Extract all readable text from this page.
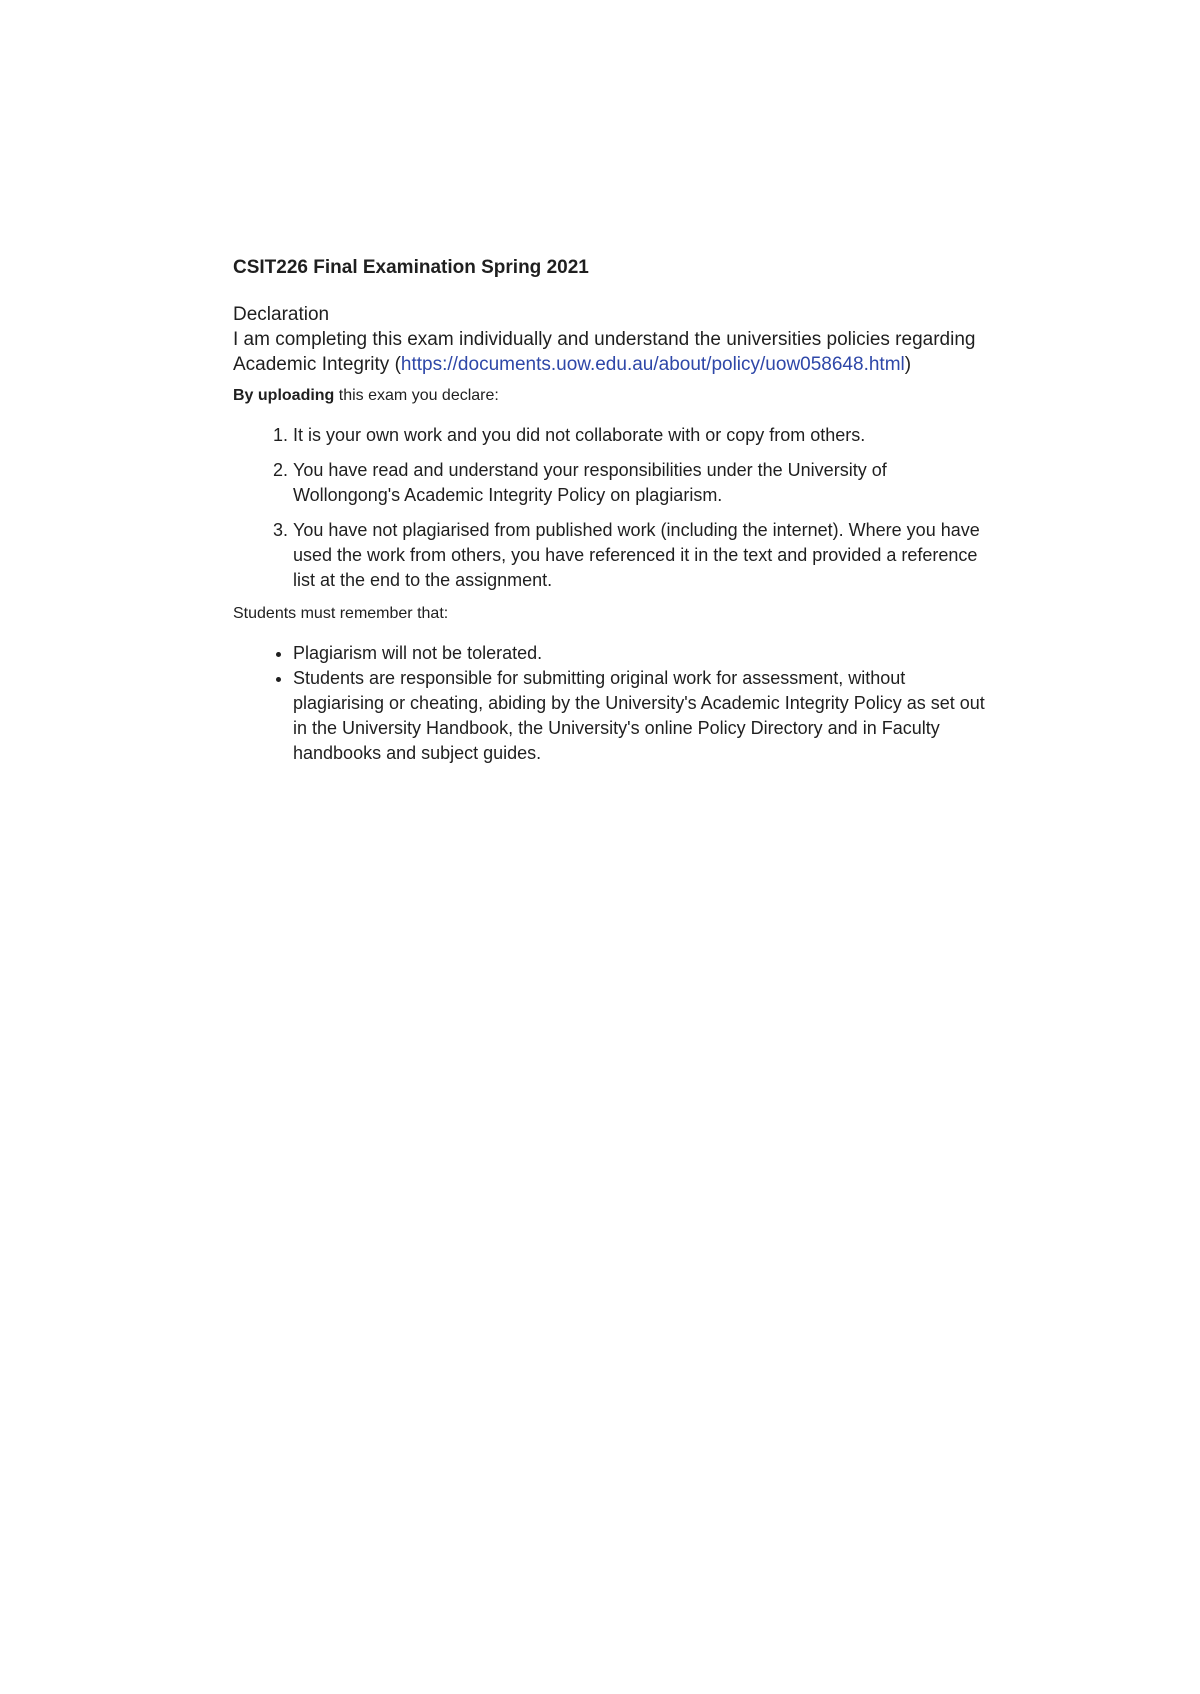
CSIT226 Final Examination Spring 2021

Declaration

I am completing this exam individually and understand the universities policies regarding Academic Integrity (https://documents.uow.edu.au/about/policy/uow058648.html)

By uploading this exam you declare:

1. It is your own work and you did not collaborate with or copy from others.
2. You have read and understand your responsibilities under the University of Wollongong's Academic Integrity Policy on plagiarism.
3. You have not plagiarised from published work (including the internet). Where you have used the work from others, you have referenced it in the text and provided a reference list at the end to the assignment.

Students must remember that:

• Plagiarism will not be tolerated.
• Students are responsible for submitting original work for assessment, without plagiarising or cheating, abiding by the University's Academic Integrity Policy as set out in the University Handbook, the University's online Policy Directory and in Faculty handbooks and subject guides.
